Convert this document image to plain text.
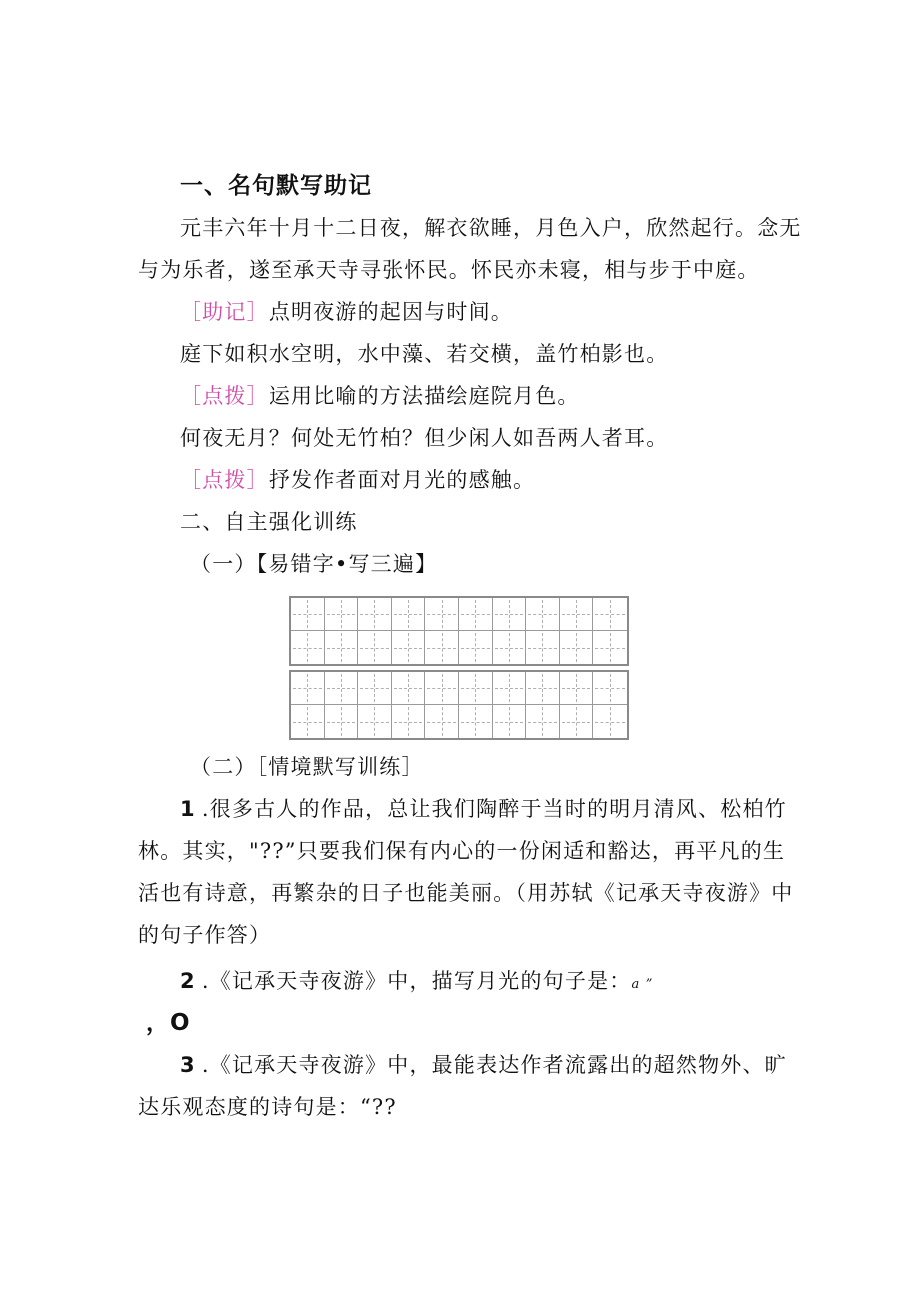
一、名句默写助记
元丰六年十月十二日夜，解衣欲睡，月色入户，欣然起行。念无
与为乐者，遂至承天寺寻张怀民。怀民亦未寝，相与步于中庭。
［助记］点明夜游的起因与时间。
庭下如积水空明，水中藻、若交横，盖竹柏影也。
［点拨］运用比喻的方法描绘庭院月色。
何夜无月？何处无竹柏？但少闲人如吾两人者耳。
［点拨］抒发作者面对月光的感触。
二、自主强化训练
（一）【易错字•写三遍】
（二）［情境默写训练］
1 .很多古人的作品，总让我们陶醉于当时的明月清风、松柏竹
林。其实，"??”只要我们保有内心的一份闲适和豁达，再平凡的生
活也有诗意，再繁杂的日子也能美丽。（用苏轼《记承天寺夜游》中
的句子作答）
2 .《记承天寺夜游》中，描写月光的句子是：a ”
，O
3 .《记承天寺夜游》中，最能表达作者流露出的超然物外、旷
达乐观态度的诗句是：“??
